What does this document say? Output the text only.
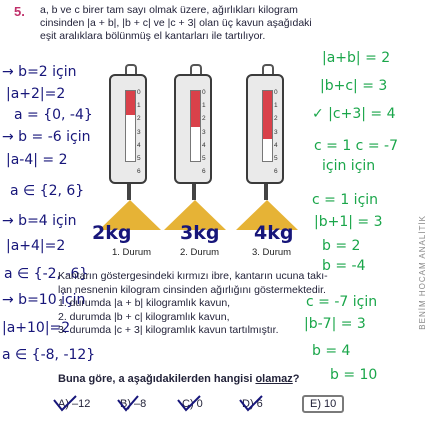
5. a, b ve c birer tam sayı olmak üzere, ağırlıkları kilogram
cinsinden |a + b|, |b + c| ve |c + 3| olan üç kavun aşağıdaki
eşit aralıklara bölünmüş el kantarları ile tartılıyor.
0
1
2
3
4
5
6
1. Durum
0
1
2
3
4
5
6
2. Durum
0
1
2
3
4
5
6
3. Durum
2kg	3kg 4kg
→ b=2 için
|a+2|=2
a = {0, -4}
→ b = -6 için
|a-4| = 2
a ∈ {2, 6}
→ b=4 için
|a+4|=2
a ∈ {-2, -6}
→ b=10 için
|a+10|=2
a ∈ {-8, -12}
|a+b| = 2
|b+c| = 3
✓ |c+3| = 4
c = 1 c = -7
için için
c = 1 için
|b+1| = 3
b = 2
b = -4
c = -7 için
|b-7| = 3
b = 4
b = 10
Kantarın göstergesindeki kırmızı ibre, kantarın ucuna takı-
lan nesnenin kilogram cinsinden ağırlığını göstermektedir.
1. durumda |a + b| kilogramlık kavun,
2. durumda |b + c| kilogramlık kavun,
3. durumda |c + 3| kilogramlık kavun tartılmıştır.
Buna göre, a aşağıdakilerden hangisi olamaz?
A) –12	B) –8	C) 0	D) 6	E) 10
BENİM HOCAM ANALİTİK
